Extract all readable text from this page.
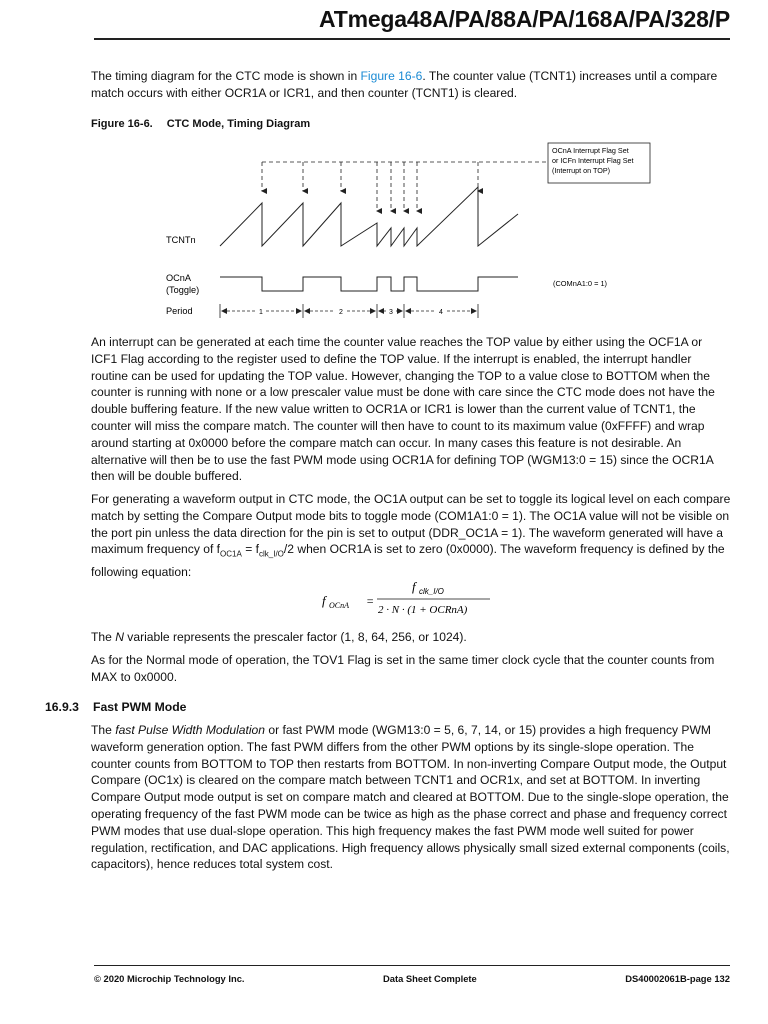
ATmega48A/PA/88A/PA/168A/PA/328/P

The timing diagram for the CTC mode is shown in Figure 16-6. The counter value (TCNT1) increases until a compare match occurs with either OCR1A or ICR1, and then counter (TCNT1) is cleared.

Figure 16-6. CTC Mode, Timing Diagram
OCnA Interrupt Flag Set
or ICFn Interrupt Flag Set
(Interrupt on TOP)
TCNTn
OCnA
(Toggle)
(COMnA1:0 = 1)
Period	1	2	3	4

An interrupt can be generated at each time the counter value reaches the TOP value by either using the OCF1A or ICF1 Flag according to the register used to define the TOP value. If the interrupt is enabled, the interrupt handler routine can be used for updating the TOP value. However, changing the TOP to a value close to BOTTOM when the counter is running with none or a low prescaler value must be done with care since the CTC mode does not have the double buffering feature. If the new value written to OCR1A or ICR1 is lower than the current value of TCNT1, the counter will miss the compare match. The counter will then have to count to its maximum value (0xFFFF) and wrap around starting at 0x0000 before the compare match can occur. In many cases this feature is not desirable. An alternative will then be to use the fast PWM mode using OCR1A for defining TOP (WGM13:0 = 15) since the OCR1A then will be double buffered.

For generating a waveform output in CTC mode, the OC1A output can be set to toggle its logical level on each compare match by setting the Compare Output mode bits to toggle mode (COM1A1:0 = 1). The OC1A value will not be visible on the port pin unless the data direction for the pin is set to output (DDR_OC1A = 1). The waveform generated will have a maximum frequency of $f_{OC1A} = f_{clk\_I/O}/2$ when OCR1A is set to zero (0x0000). The waveform frequency is defined by the following equation:

f OCnA =
f clk_I/O
2 · N · (1 + OCRnA)

The N variable represents the prescaler factor (1, 8, 64, 256, or 1024).

As for the Normal mode of operation, the TOV1 Flag is set in the same timer clock cycle that the counter counts from MAX to 0x0000.

16.9.3 Fast PWM Mode

The fast Pulse Width Modulation or fast PWM mode (WGM13:0 = 5, 6, 7, 14, or 15) provides a high frequency PWM waveform generation option. The fast PWM differs from the other PWM options by its single-slope operation. The counter counts from BOTTOM to TOP then restarts from BOTTOM. In non-inverting Compare Output mode, the Output Compare (OC1x) is cleared on the compare match between TCNT1 and OCR1x, and set at BOTTOM. In inverting Compare Output mode output is set on compare match and cleared at BOTTOM. Due to the single-slope operation, the operating frequency of the fast PWM mode can be twice as high as the phase correct and phase and frequency correct PWM modes that use dual-slope operation. This high frequency makes the fast PWM mode well suited for power regulation, rectification, and DAC applications. High frequency allows physically small sized external components (coils, capacitors), hence reduces total system cost.

© 2020 Microchip Technology Inc.	Data Sheet Complete	DS40002061B-page 132
